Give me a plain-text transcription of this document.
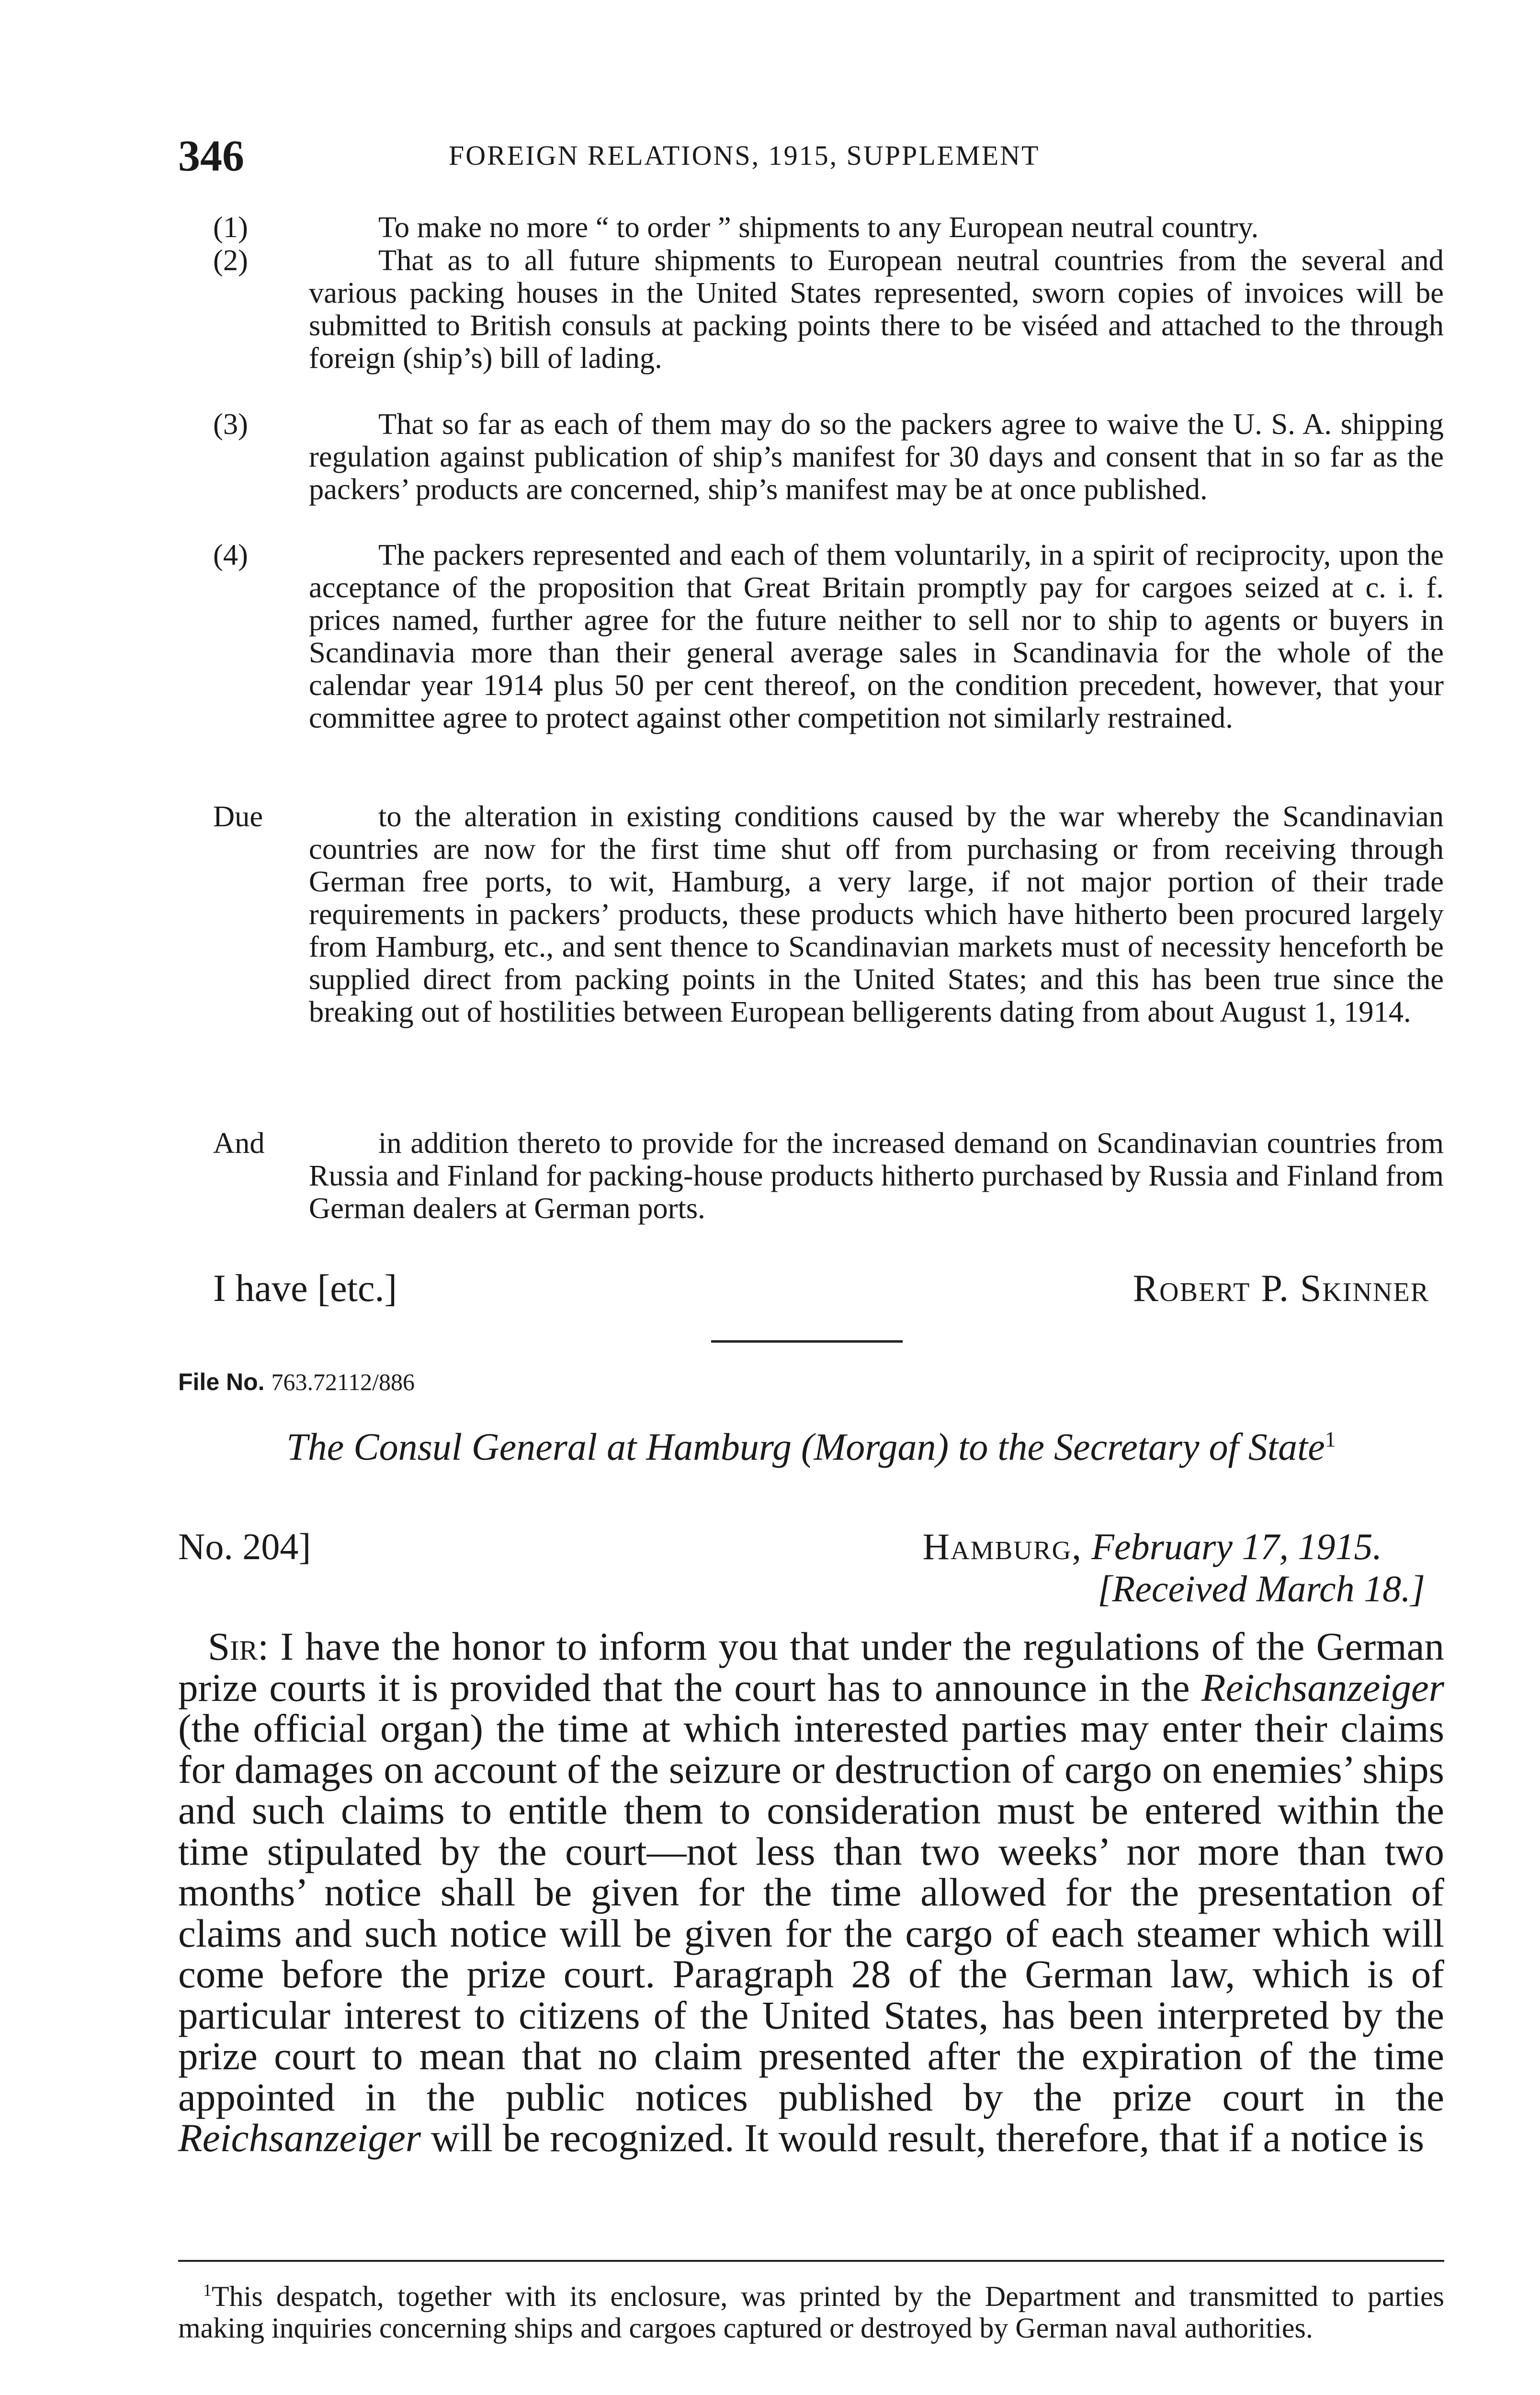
346	FOREIGN RELATIONS, 1915, SUPPLEMENT
(1)	To make no more “ to order ” shipments to any European neutral country.
(2)	That as to all future shipments to European neutral countries from the several and various packing houses in the United States represented, sworn copies of invoices will be submitted to British consuls at packing points there to be viséed and attached to the through foreign (ship’s) bill of lading.
(3)	That so far as each of them may do so the packers agree to waive the U. S. A. shipping regulation against publication of ship’s manifest for 30 days and consent that in so far as the packers’ products are concerned, ship’s manifest may be at once published.
(4)	The packers represented and each of them voluntarily, in a spirit of reciprocity, upon the acceptance of the proposition that Great Britain promptly pay for cargoes seized at c. i. f. prices named, further agree for the future neither to sell nor to ship to agents or buyers in Scandinavia more than their general average sales in Scandinavia for the whole of the calendar year 1914 plus 50 per cent thereof, on the condition precedent, however, that your committee agree to protect against other competition not similarly restrained.
Due	to the alteration in existing conditions caused by the war whereby the Scandinavian countries are now for the first time shut off from purchasing or from receiving through German free ports, to wit, Hamburg, a very large, if not major portion of their trade requirements in packers’ products, these products which have hitherto been procured largely from Hamburg, etc., and sent thence to Scandinavian markets must of necessity henceforth be supplied direct from packing points in the United States; and this has been true since the breaking out of hostilities between European belligerents dating from about August 1, 1914.
And	in addition thereto to provide for the increased demand on Scandinavian countries from Russia and Finland for packing-house products hitherto purchased by Russia and Finland from German dealers at German ports.
I have [etc.]	Robert P. Skinner
File No. 763.72112/886
The Consul General at Hamburg (Morgan) to the Secretary of State$^1$
No. 204]	Hamburg, February 17, 1915.
[Received March 18.]

Sir: I have the honor to inform you that under the regulations of the German prize courts it is provided that the court has to announce in the Reichsanzeiger (the official organ) the time at which interested parties may enter their claims for damages on account of the seizure or destruction of cargo on enemies’ ships and such claims to entitle them to consideration must be entered within the time stipulated by the court—not less than two weeks’ nor more than two months’ notice shall be given for the time allowed for the presentation of claims and such notice will be given for the cargo of each steamer which will come before the prize court. Paragraph 28 of the German law, which is of particular interest to citizens of the United States, has been interpreted by the prize court to mean that no claim presented after the expiration of the time appointed in the public notices published by the prize court in the Reichsanzeiger will be recognized. It would result, therefore, that if a notice is

$^1$This despatch, together with its enclosure, was printed by the Department and transmitted to parties making inquiries concerning ships and cargoes captured or destroyed by German naval authorities.
